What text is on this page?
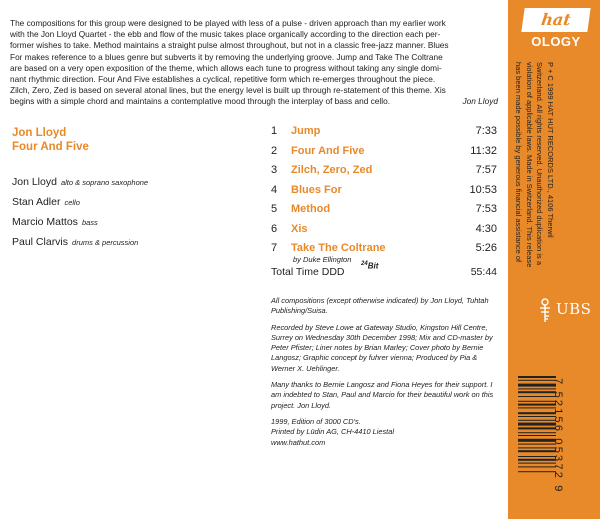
The compositions for this group were designed to be played with less of a pulse - driven approach than my earlier work

with the Jon Lloyd Quartet - the ebb and flow of the music takes place organically according to the direction each per-

former wishes to take. Method maintains a straight pulse almost throughout, but not in a classic free-jazz manner. Blues

For makes reference to a blues genre but subverts it by removing the underlying groove. Jump and Take The Coltrane

are based on a very open exposition of the theme, which allows each tune to progress without taking any single domi-

nant rhythmic direction. Four And Five establishes a cyclical, repetitive form which re-emerges throughout the piece.

Zilch, Zero, Zed is based on several atonal lines, but the energy level is built up through re-statement of this theme. Xis

begins with a simple chord and maintains a contemplative mood through the interplay of bass and cello.	Jon Lloyd

Jon Lloyd
Four And Five
Jon Lloyd alto & soprano saxophone
Stan Adler cello
Marcio Mattos bass
Paul Clarvis drums & percussion
1 Jump	7:33
2 Four And Five	11:32
3 Zilch, Zero, Zed	7:57
4 Blues For	10:53
5 Method	7:53
6 Xis	4:30
7 Take The Coltrane	5:26
by Duke Ellington
Total Time DDD
$^{24}$Bit	55:44

All compositions (except otherwise indicated) by Jon Lloyd, Tuhtah Publishing/Suisa.

Recorded by Steve Lowe at Gateway Studio, Kingston Hill Centre, Surrey on Wednesday 30th December 1998; Mix and CD-master by Peter Pfister; Liner notes by Brian Marley; Cover photo by Bernie Langosz; Graphic concept by fuhrer vienna; Produced by Pia & Werner X. Uehlinger.

Many thanks to Bernie Langosz and Fiona Heyes for their support. I am indebted to Stan, Paul and Marcio for their beautiful work on this project. Jon Lloyd.

1999, Edition of 3000 CD's.
Printed by Lüdin AG, CH-4410 Liestal
www.hathut.com

hat
OLOGY
P + C 1999 HAT HUT RECORDS LTD., 4106 Therwil
Switzerland. All rights reserved. Unauthorized duplication is a
violation of applicable laws. Made in Switzerland. This release
has been made possible by generous financial assistance of
UBS
7 52156 05372 9
